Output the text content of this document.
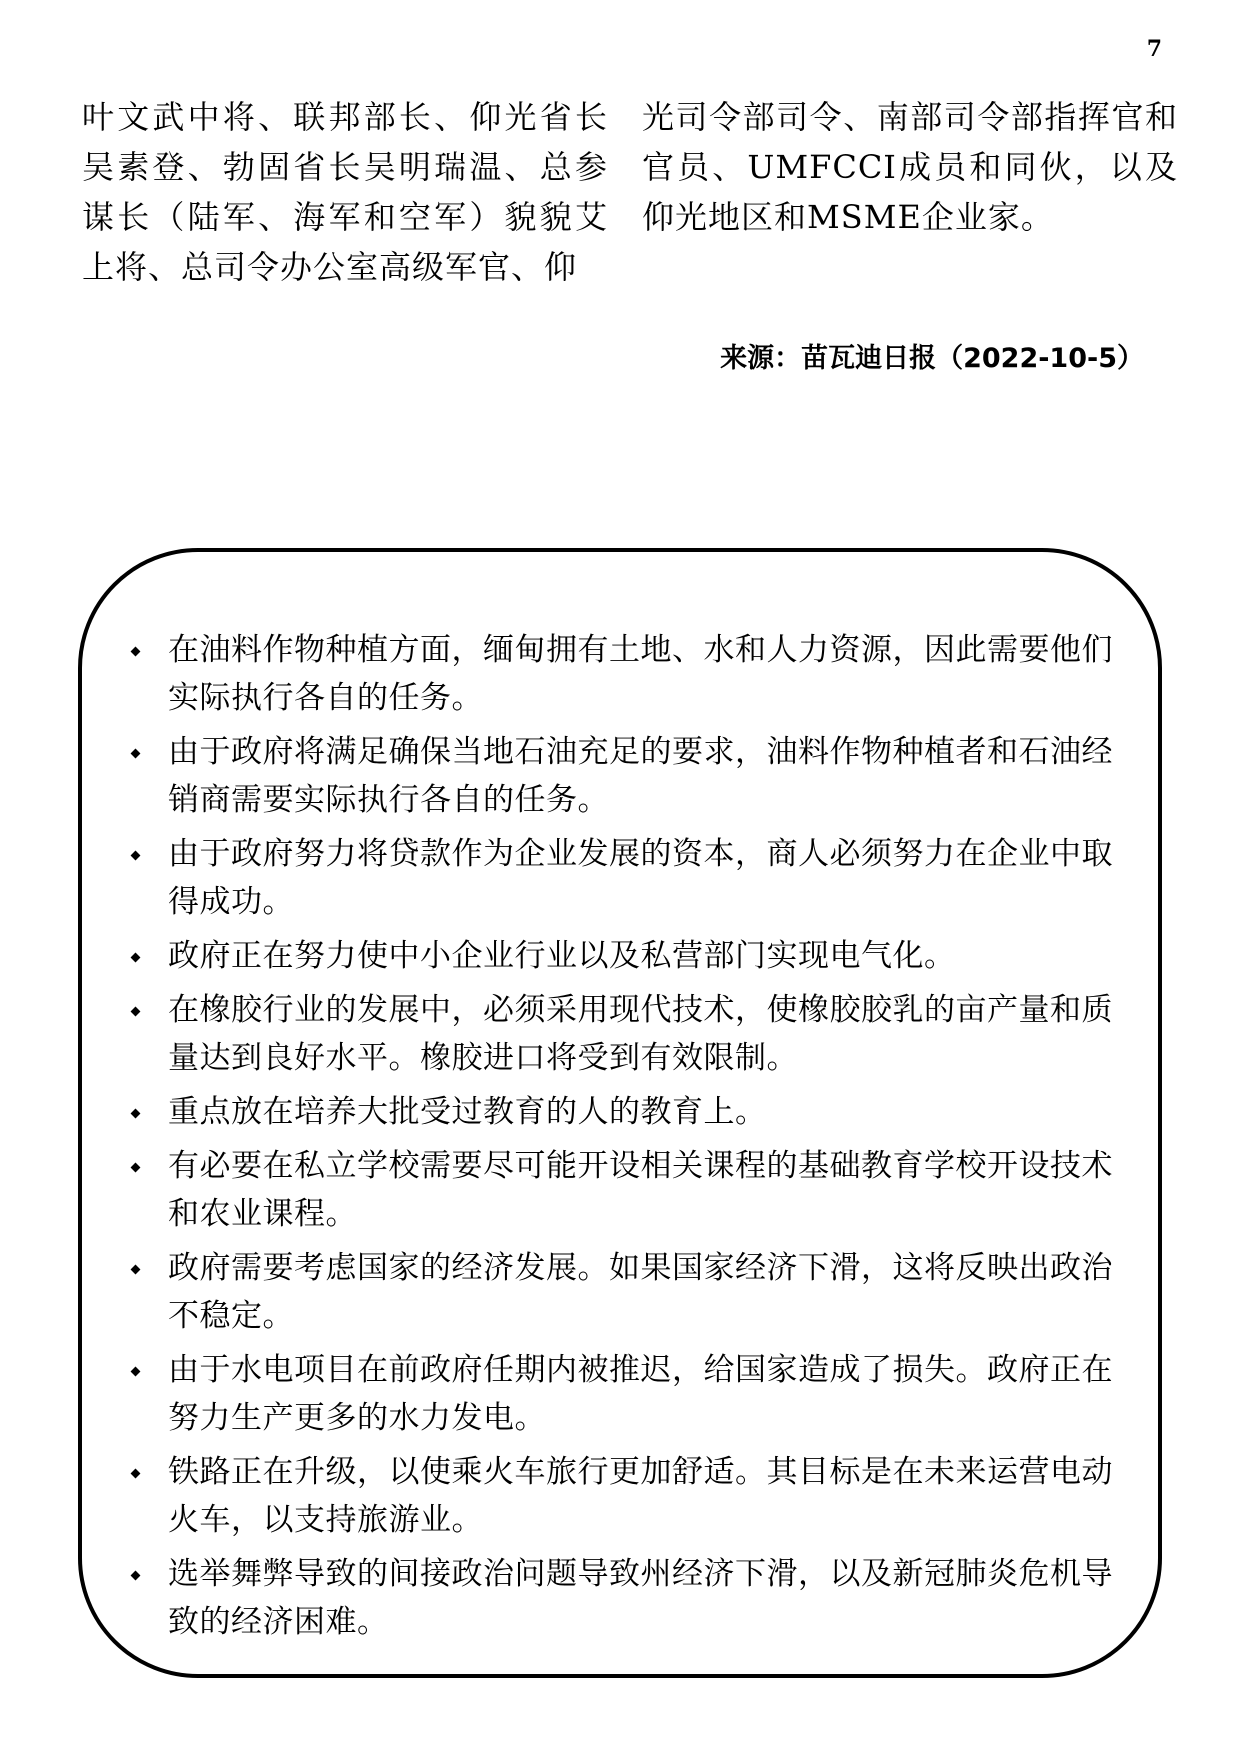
7

叶文武中将、联邦部长、仰光省长吴素登、勃固省长吴明瑞温、总参谋长（陆军、海军和空军）貌貌艾上将、总司令办公室高级军官、仰

光司令部司令、南部司令部指挥官和官员、UMFCCI成员和同伙，以及仰光地区和MSME企业家。

来源：苗瓦迪日报（2022-10-5）
在油料作物种植方面，缅甸拥有土地、水和人力资源，因此需要他们实际执行各自的任务。
由于政府将满足确保当地石油充足的要求，油料作物种植者和石油经销商需要实际执行各自的任务。
由于政府努力将贷款作为企业发展的资本，商人必须努力在企业中取得成功。
政府正在努力使中小企业行业以及私营部门实现电气化。
在橡胶行业的发展中，必须采用现代技术，使橡胶胶乳的亩产量和质量达到良好水平。橡胶进口将受到有效限制。
重点放在培养大批受过教育的人的教育上。
有必要在私立学校需要尽可能开设相关课程的基础教育学校开设技术和农业课程。
政府需要考虑国家的经济发展。如果国家经济下滑，这将反映出政治不稳定。
由于水电项目在前政府任期内被推迟，给国家造成了损失。政府正在努力生产更多的水力发电。
铁路正在升级，以使乘火车旅行更加舒适。其目标是在未来运营电动火车，以支持旅游业。
选举舞弊导致的间接政治问题导致州经济下滑，以及新冠肺炎危机导致的经济困难。
